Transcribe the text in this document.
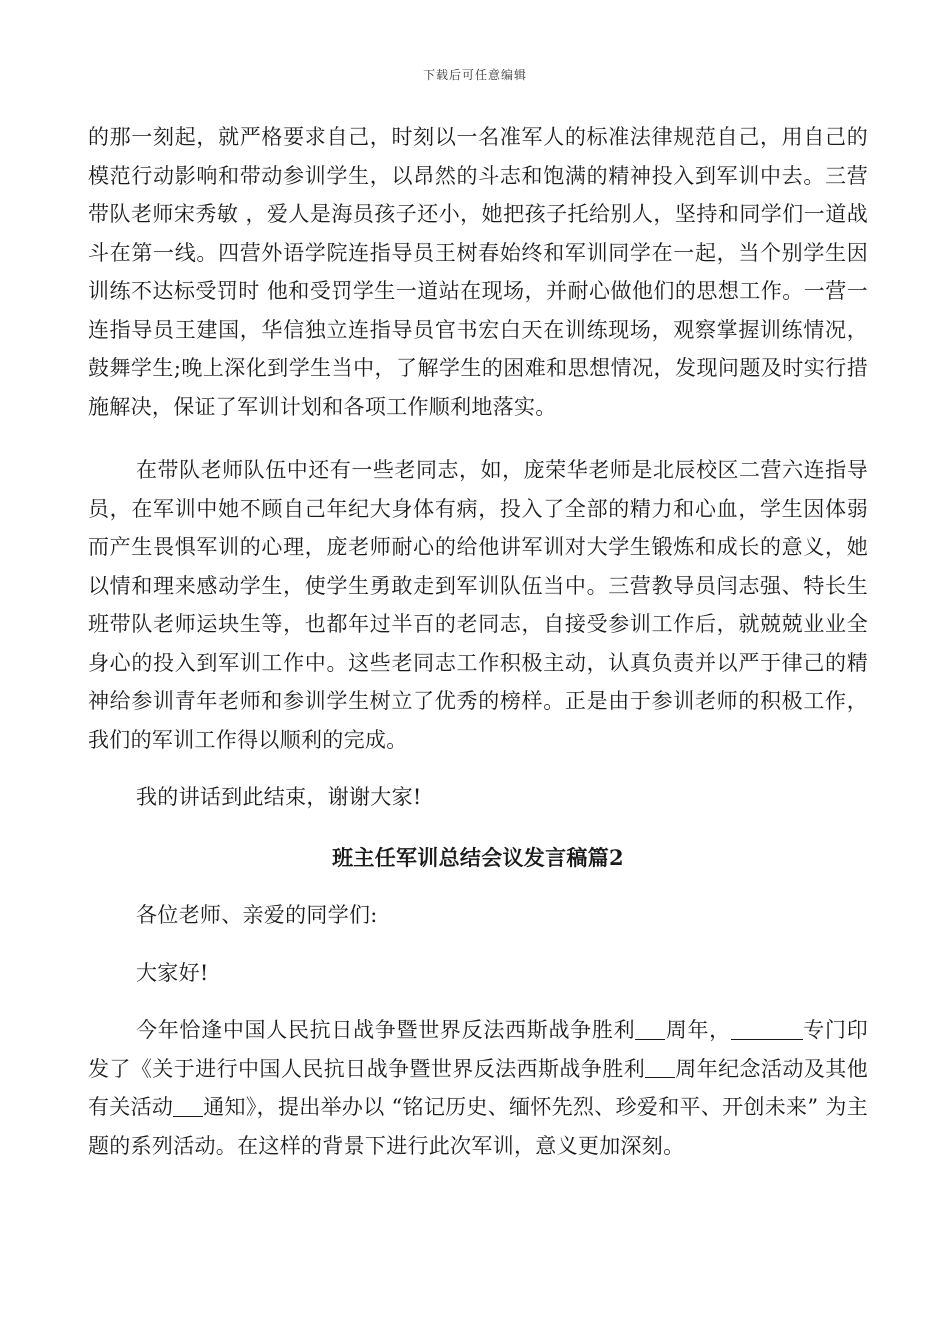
下载后可任意编辑

的那一刻起，就严格要求自己，时刻以一名准军人的标准法律规范自己，用自己的模范行动影响和带动参训学生，以昂然的斗志和饱满的精神投入到军训中去。三营带队老师宋秀敏 ，爱人是海员孩子还小，她把孩子托给别人，坚持和同学们一道战斗在第一线。四营外语学院连指导员王树春始终和军训同学在一起，当个别学生因训练不达标受罚时 他和受罚学生一道站在现场，并耐心做他们的思想工作。一营一连指导员王建国，华信独立连指导员官书宏白天在训练现场，观察掌握训练情况，鼓舞学生;晚上深化到学生当中，了解学生的困难和思想情况，发现问题及时实行措施解决，保证了军训计划和各项工作顺利地落实。

在带队老师队伍中还有一些老同志，如，庞荣华老师是北辰校区二营六连指导员，在军训中她不顾自己年纪大身体有病，投入了全部的精力和心血，学生因体弱而产生畏惧军训的心理，庞老师耐心的给他讲军训对大学生锻炼和成长的意义，她以情和理来感动学生，使学生勇敢走到军训队伍当中。三营教导员闫志强、特长生班带队老师运块生等，也都年过半百的老同志，自接受参训工作后，就兢兢业业全身心的投入到军训工作中。这些老同志工作积极主动，认真负责并以严于律己的精神给参训青年老师和参训学生树立了优秀的榜样。正是由于参训老师的积极工作，我们的军训工作得以顺利的完成。

我的讲话到此结束，谢谢大家!

班主任军训总结会议发言稿篇2

各位老师、亲爱的同学们:

大家好!

今年恰逢中国人民抗日战争暨世界反法西斯战争胜利 周年，	专门印发了《关于进行中国人民抗日战争暨世界反法西斯战争胜利 周年纪念活动及其他有关活动 通知》，提出举办以 “铭记历史、缅怀先烈、珍爱和平、开创未来” 为主题的系列活动。在这样的背景下进行此次军训，意义更加深刻。
